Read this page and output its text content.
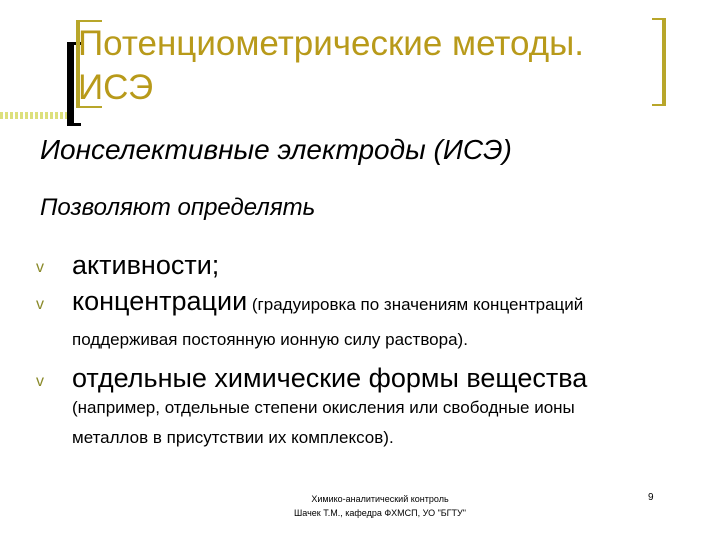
Потенциометрические методы. ИСЭ
Ионселективные электроды (ИСЭ)
Позволяют определять
v активности;
v концентрации (градуировка по значениям концентраций
поддерживая постоянную ионную силу раствора).
v отдельные химические формы вещества
(например, отдельные степени окисления или свободные ионы
металлов в присутствии их комплексов).
Химико-аналитический контроль
Шачек Т.М., кафедра ФХМСП, УО "БГТУ"
9
